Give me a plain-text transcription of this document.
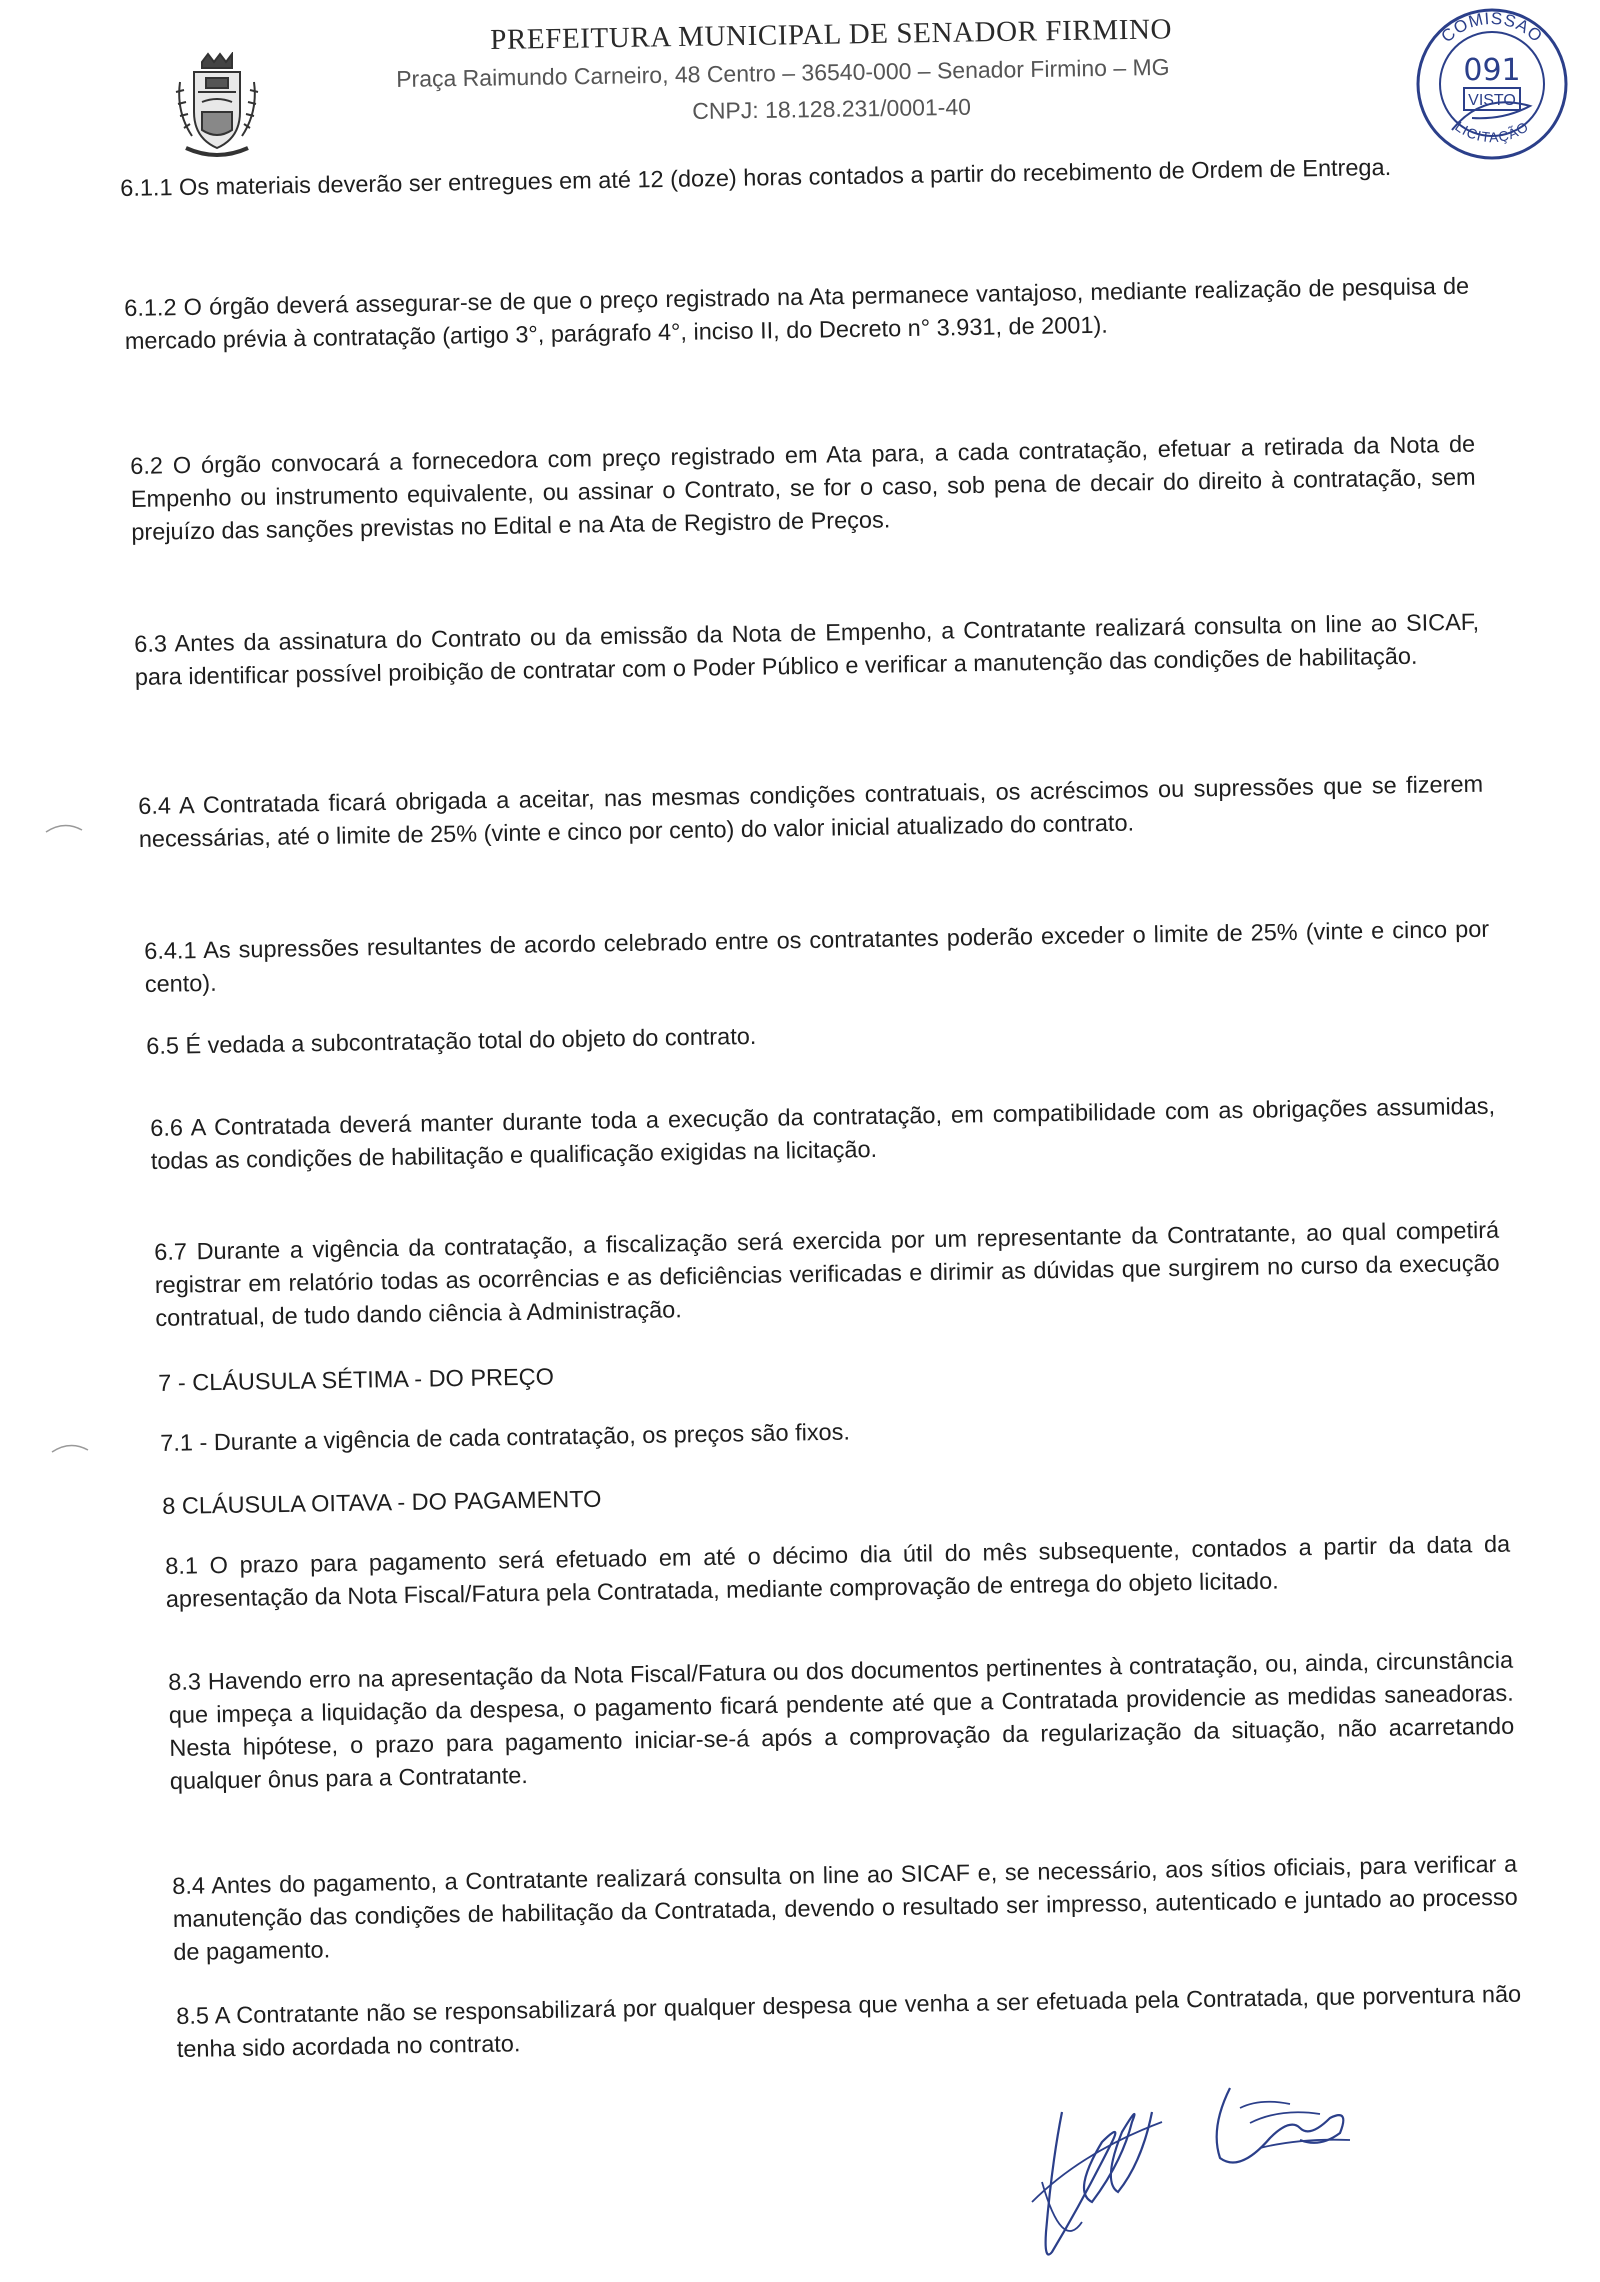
PREFEITURA MUNICIPAL DE SENADOR FIRMINO
Praça Raimundo Carneiro, 48 Centro – 36540-000 – Senador Firmino – MG
CNPJ: 18.128.231/0001-40
COMISSÃO
091
VISTO
LICITAÇÃO
6.1.1 Os materiais deverão ser entregues em até 12 (doze) horas contados a partir do recebimento de Ordem de Entrega.
6.1.2 O órgão deverá assegurar-se de que o preço registrado na Ata permanece vantajoso, mediante realização de pesquisa de mercado prévia à contratação (artigo 3°, parágrafo 4°, inciso II, do Decreto n° 3.931, de 2001).
6.2 O órgão convocará a fornecedora com preço registrado em Ata para, a cada contratação, efetuar a retirada da Nota de Empenho ou instrumento equivalente, ou assinar o Contrato, se for o caso, sob pena de decair do direito à contratação, sem prejuízo das sanções previstas no Edital e na Ata de Registro de Preços.
6.3 Antes da assinatura do Contrato ou da emissão da Nota de Empenho, a Contratante realizará consulta on line ao SICAF, para identificar possível proibição de contratar com o Poder Público e verificar a manutenção das condições de habilitação.
6.4 A Contratada ficará obrigada a aceitar, nas mesmas condições contratuais, os acréscimos ou supressões que se fizerem necessárias, até o limite de 25% (vinte e cinco por cento) do valor inicial atualizado do contrato.
6.4.1 As supressões resultantes de acordo celebrado entre os contratantes poderão exceder o limite de 25% (vinte e cinco por cento).
6.5 É vedada a subcontratação total do objeto do contrato.
6.6 A Contratada deverá manter durante toda a execução da contratação, em compatibilidade com as obrigações assumidas, todas as condições de habilitação e qualificação exigidas na licitação.
6.7 Durante a vigência da contratação, a fiscalização será exercida por um representante da Contratante, ao qual competirá registrar em relatório todas as ocorrências e as deficiências verificadas e dirimir as dúvidas que surgirem no curso da execução contratual, de tudo dando ciência à Administração.
7 - CLÁUSULA SÉTIMA - DO PREÇO
7.1 - Durante a vigência de cada contratação, os preços são fixos.
8 CLÁUSULA OITAVA - DO PAGAMENTO
8.1 O prazo para pagamento será efetuado em até o décimo dia útil do mês subsequente, contados a partir da data da apresentação da Nota Fiscal/Fatura pela Contratada, mediante comprovação de entrega do objeto licitado.
8.3 Havendo erro na apresentação da Nota Fiscal/Fatura ou dos documentos pertinentes à contratação, ou, ainda, circunstância que impeça a liquidação da despesa, o pagamento ficará pendente até que a Contratada providencie as medidas saneadoras. Nesta hipótese, o prazo para pagamento iniciar-se-á após a comprovação da regularização da situação, não acarretando qualquer ônus para a Contratante.
8.4 Antes do pagamento, a Contratante realizará consulta on line ao SICAF e, se necessário, aos sítios oficiais, para verificar a manutenção das condições de habilitação da Contratada, devendo o resultado ser impresso, autenticado e juntado ao processo de pagamento.
8.5 A Contratante não se responsabilizará por qualquer despesa que venha a ser efetuada pela Contratada, que porventura não tenha sido acordada no contrato.
